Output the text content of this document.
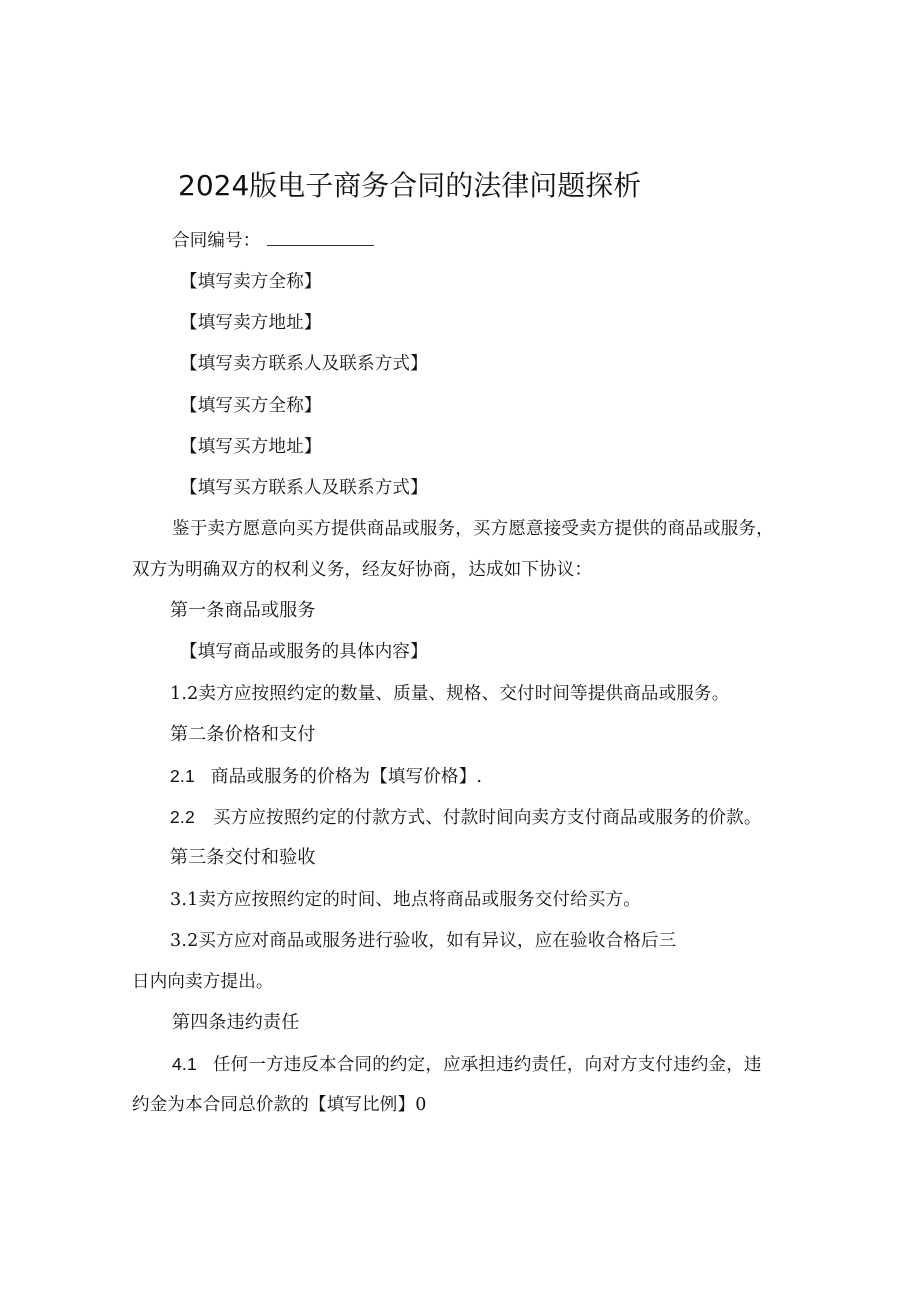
2024版电子商务合同的法律问题探析
合同编号：
【填写卖方全称】
【填写卖方地址】
【填写卖方联系人及联系方式】
【填写买方全称】
【填写买方地址】
【填写买方联系人及联系方式】
鉴于卖方愿意向买方提供商品或服务，买方愿意接受卖方提供的商品或服务，
双方为明确双方的权利义务，经友好协商，达成如下协议：
第一条商品或服务
【填写商品或服务的具体内容】
1.2卖方应按照约定的数量、质量、规格、交付时间等提供商品或服务。
第二条价格和支付
2.1 商品或服务的价格为【填写价格】.
2.2 买方应按照约定的付款方式、付款时间向卖方支付商品或服务的价款。
第三条交付和验收
3.1卖方应按照约定的时间、地点将商品或服务交付给买方。
3.2买方应对商品或服务进行验收，如有异议，应在验收合格后三
日内向卖方提出。
第四条违约责任
4.1 任何一方违反本合同的约定，应承担违约责任，向对方支付违约金，违
约金为本合同总价款的【填写比例】0
